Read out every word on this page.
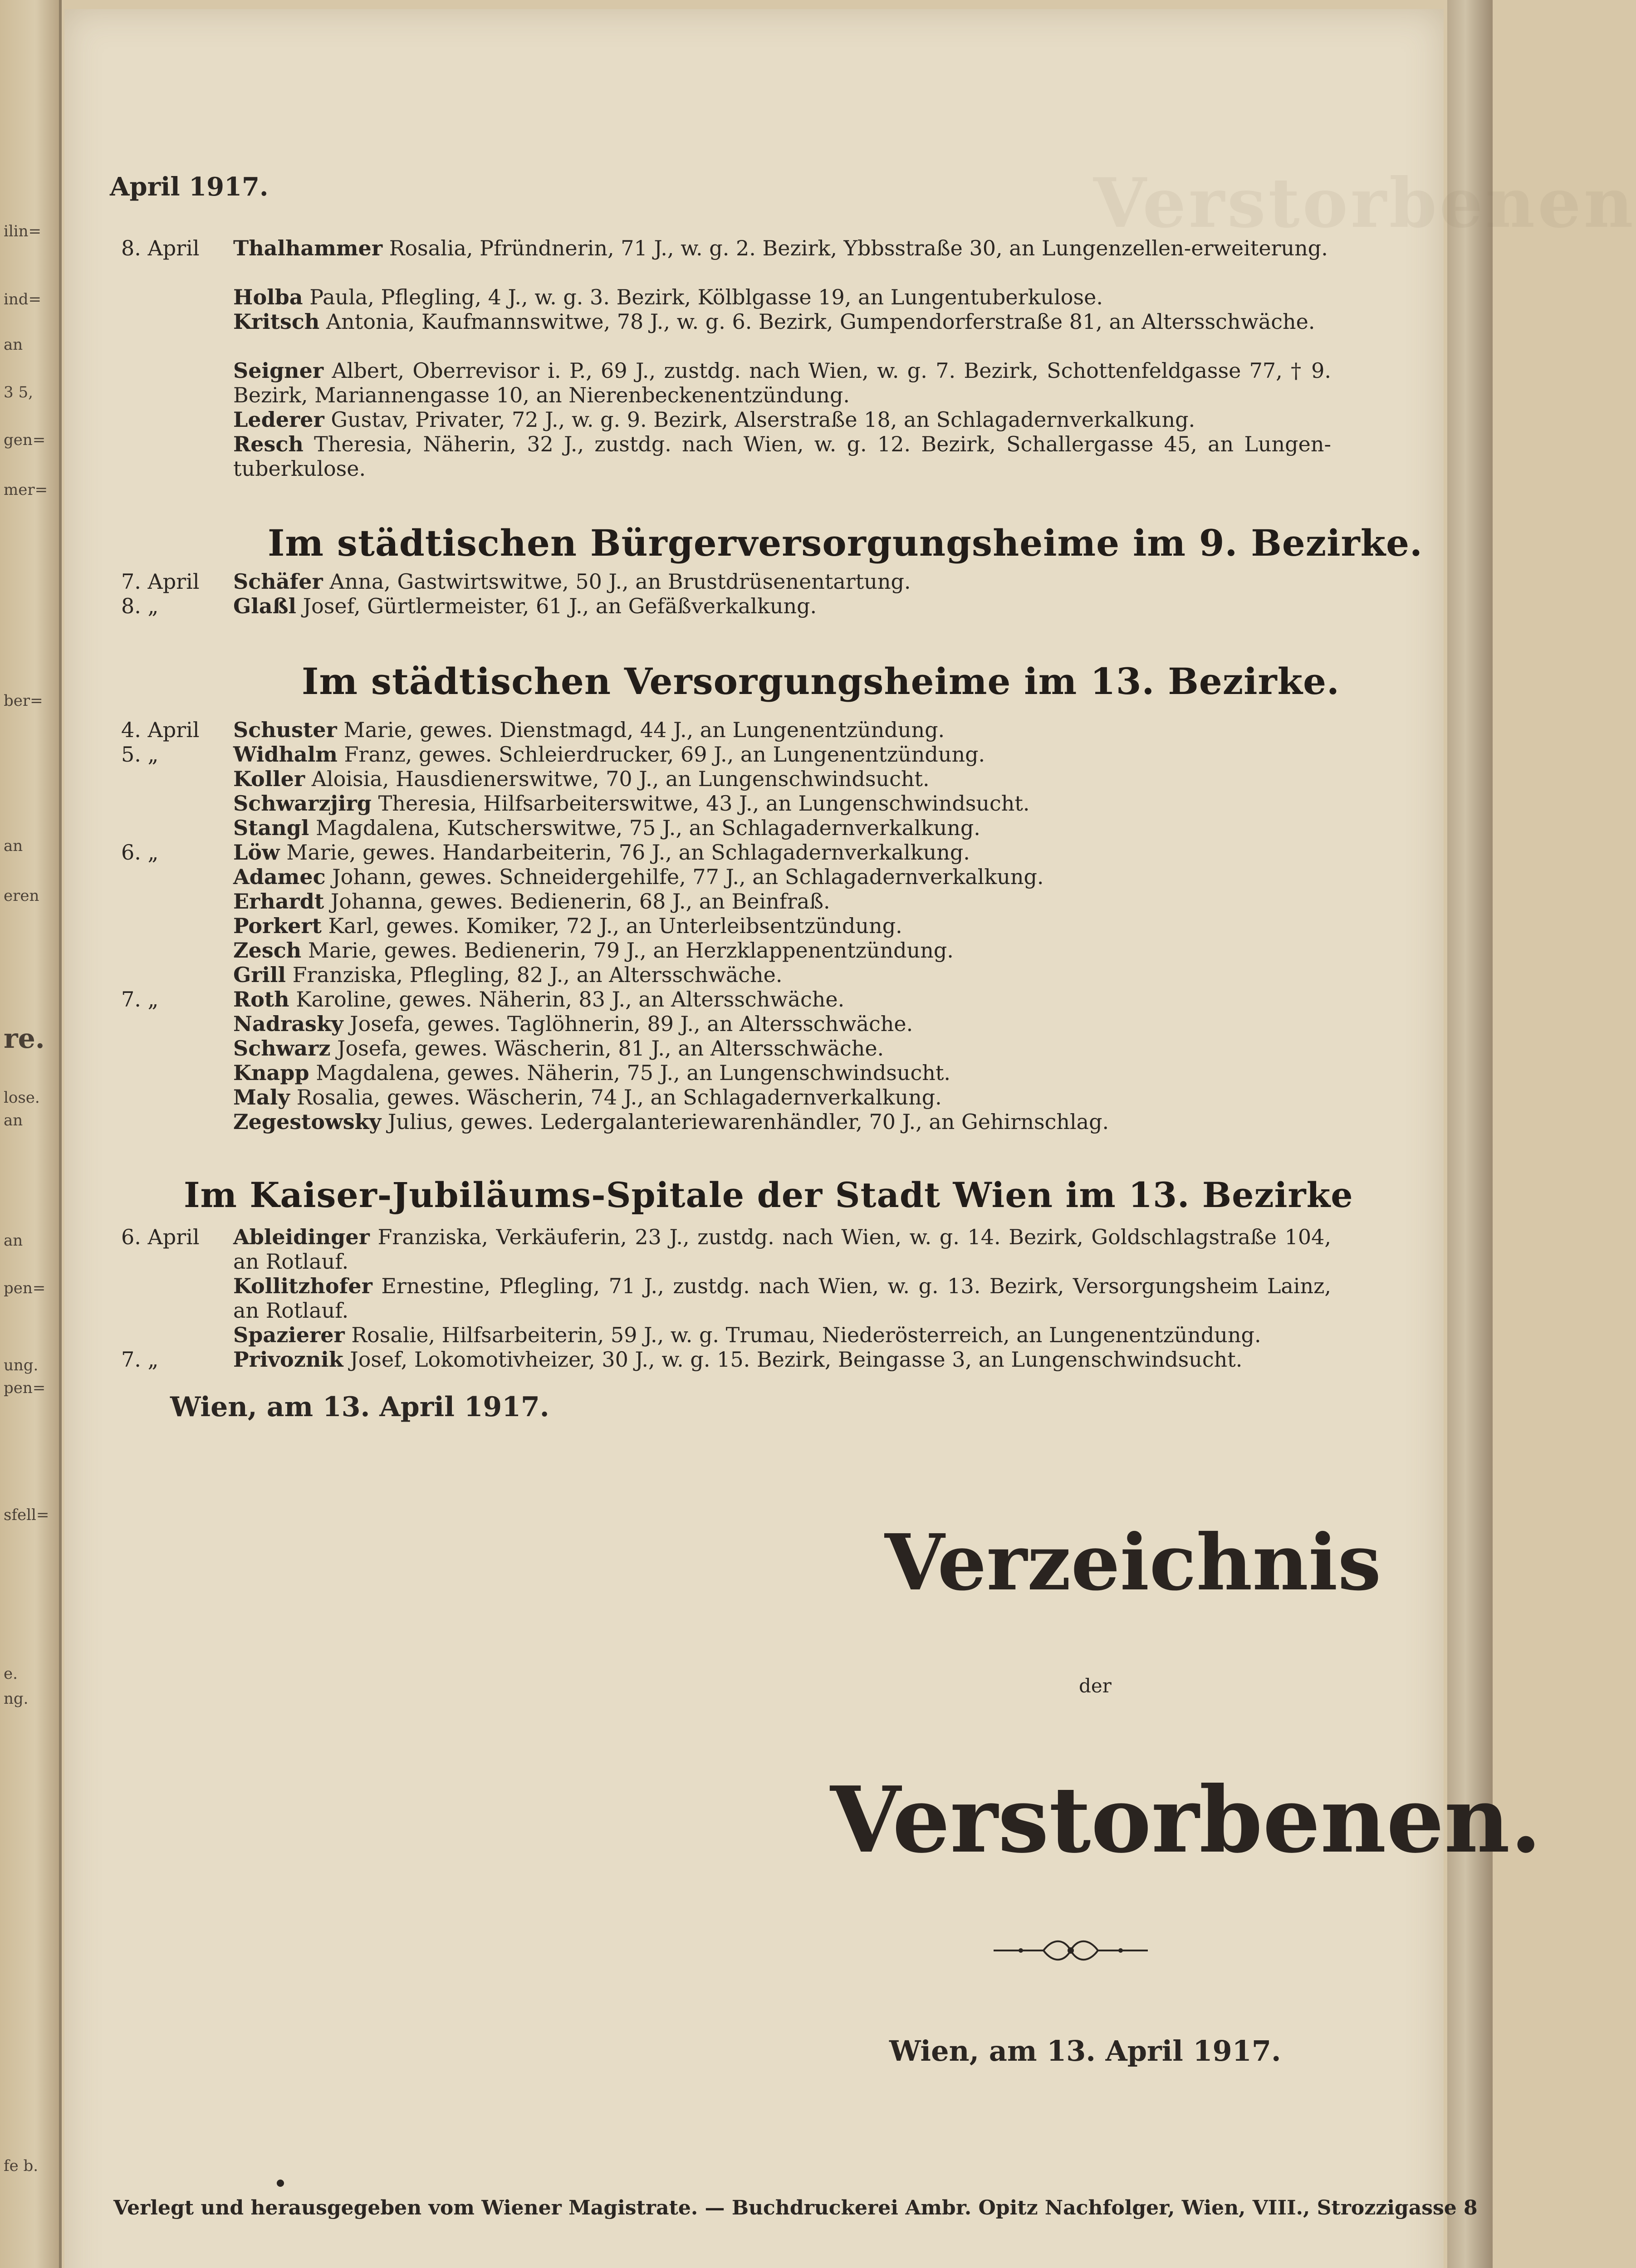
ilin=
ind=
an
3 5,
gen=
mer=
ber=
an
eren
re.
lose.
an
an
pen=
ung.
pen=
sfell=
e.
ng.
fe b.
Verstorbenen
April 1917.
8. April Thalhammer Rosalia, Pfründnerin, 71 J., w. g. 2. Bezirk, Ybbsstraße 30, an Lungenzellen-erweiterung.
Holba Paula, Pflegling, 4 J., w. g. 3. Bezirk, Kölblgasse 19, an Lungentuberkulose.
Kritsch Antonia, Kaufmannswitwe, 78 J., w. g. 6. Bezirk, Gumpendorferstraße 81, an Altersschwäche.
Seigner Albert, Oberrevisor i. P., 69 J., zustdg. nach Wien, w. g. 7. Bezirk, Schottenfeldgasse 77, † 9. Bezirk, Mariannengasse 10, an Nierenbeckenentzündung.
Lederer Gustav, Privater, 72 J., w. g. 9. Bezirk, Alserstraße 18, an Schlagadernverkalkung.
Resch Theresia, Näherin, 32 J., zustdg. nach Wien, w. g. 12. Bezirk, Schallergasse 45, an Lungen-tuberkulose.
Im städtischen Bürgerversorgungsheime im 9. Bezirke.
7. April Schäfer Anna, Gastwirtswitwe, 50 J., an Brustdrüsenentartung.
8. „	Glaßl Josef, Gürtlermeister, 61 J., an Gefäßverkalkung.
Im städtischen Versorgungsheime im 13. Bezirke.
4. April Schuster Marie, gewes. Dienstmagd, 44 J., an Lungenentzündung.
5. „	Widhalm Franz, gewes. Schleierdrucker, 69 J., an Lungenentzündung.
Koller Aloisia, Hausdienerswitwe, 70 J., an Lungenschwindsucht.
Schwarzjirg Theresia, Hilfsarbeiterswitwe, 43 J., an Lungenschwindsucht.
Stangl Magdalena, Kutscherswitwe, 75 J., an Schlagadernverkalkung.
6. „	Löw Marie, gewes. Handarbeiterin, 76 J., an Schlagadernverkalkung.
Adamec Johann, gewes. Schneidergehilfe, 77 J., an Schlagadernverkalkung.
Erhardt Johanna, gewes. Bedienerin, 68 J., an Beinfraß.
Porkert Karl, gewes. Komiker, 72 J., an Unterleibsentzündung.
Zesch Marie, gewes. Bedienerin, 79 J., an Herzklappenentzündung.
Grill Franziska, Pflegling, 82 J., an Altersschwäche.
7. „	Roth Karoline, gewes. Näherin, 83 J., an Altersschwäche.
Nadrasky Josefa, gewes. Taglöhnerin, 89 J., an Altersschwäche.
Schwarz Josefa, gewes. Wäscherin, 81 J., an Altersschwäche.
Knapp Magdalena, gewes. Näherin, 75 J., an Lungenschwindsucht.
Maly Rosalia, gewes. Wäscherin, 74 J., an Schlagadernverkalkung.
Zegestowsky Julius, gewes. Ledergalanteriewarenhändler, 70 J., an Gehirnschlag.
Im Kaiser-Jubiläums-Spitale der Stadt Wien im 13. Bezirke
6. April Ableidinger Franziska, Verkäuferin, 23 J., zustdg. nach Wien, w. g. 14. Bezirk, Goldschlagstraße 104, an Rotlauf.
Kollitzhofer Ernestine, Pflegling, 71 J., zustdg. nach Wien, w. g. 13. Bezirk, Versorgungsheim Lainz, an Rotlauf.
Spazierer Rosalie, Hilfsarbeiterin, 59 J., w. g. Trumau, Niederösterreich, an Lungenentzündung.
7. „	Privoznik Josef, Lokomotivheizer, 30 J., w. g. 15. Bezirk, Beingasse 3, an Lungenschwindsucht.
Wien, am 13. April 1917.
Verzeichnis
der
Verstorbenen.
Wien, am 13. April 1917.
Verlegt und herausgegeben vom Wiener Magistrate. — Buchdruckerei Ambr. Opitz Nachfolger, Wien, VIII., Strozzigasse 8
